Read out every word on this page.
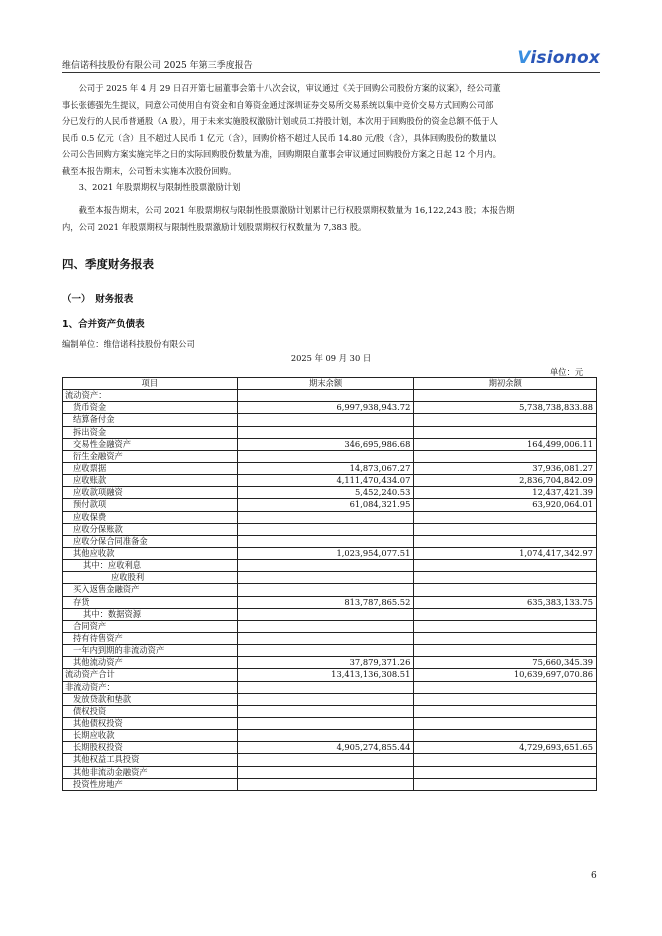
维信诺科技股份有限公司 2025 年第三季度报告	Visionox
　　公司于 2025 年 4 月 29 日召开第七届董事会第十八次会议，审议通过《关于回购公司股份方案的议案》，经公司董
事长张德强先生提议，同意公司使用自有资金和自筹资金通过深圳证券交易所交易系统以集中竞价交易方式回购公司部
分已发行的人民币普通股（A 股），用于未来实施股权激励计划或员工持股计划，本次用于回购股份的资金总额不低于人
民币 0.5 亿元（含）且不超过人民币 1 亿元（含），回购价格不超过人民币 14.80 元/股（含），具体回购股份的数量以
公司公告回购方案实施完毕之日的实际回购股份数量为准，回购期限自董事会审议通过回购股份方案之日起 12 个月内。
截至本报告期末，公司暂未实施本次股份回购。
　　3、2021 年股票期权与限制性股票激励计划
　　截至本报告期末，公司 2021 年股票期权与限制性股票激励计划累计已行权股票期权数量为 16,122,243 股；本报告期
内，公司 2021 年股票期权与限制性股票激励计划股票期权行权数量为 7,383 股。
四、季度财务报表
（一）　财务报表
1、合并资产负债表
编制单位：维信诺科技股份有限公司
2025 年 09 月 30 日
单位：元
项目	期末余额	期初余额
流动资产：		
货币资金	6,997,938,943.72	5,738,738,833.88
结算备付金		
拆出资金		
交易性金融资产	346,695,986.68	164,499,006.11
衍生金融资产		
应收票据	14,873,067.27	37,936,081.27
应收账款	4,111,470,434.07	2,836,704,842.09
应收款项融资	5,452,240.53	12,437,421.39
预付款项	61,084,321.95	63,920,064.01
应收保费		
应收分保账款		
应收分保合同准备金		
其他应收款	1,023,954,077.51	1,074,417,342.97
其中：应收利息		
应收股利		
买入返售金融资产		
存货	813,787,865.52	635,383,133.75
其中：数据资源		
合同资产		
持有待售资产		
一年内到期的非流动资产		
其他流动资产	37,879,371.26	75,660,345.39
流动资产合计	13,413,136,308.51	10,639,697,070.86
非流动资产：		
发放贷款和垫款		
债权投资		
其他债权投资		
长期应收款		
长期股权投资	4,905,274,855.44	4,729,693,651.65
其他权益工具投资		
其他非流动金融资产		
投资性房地产		
6
